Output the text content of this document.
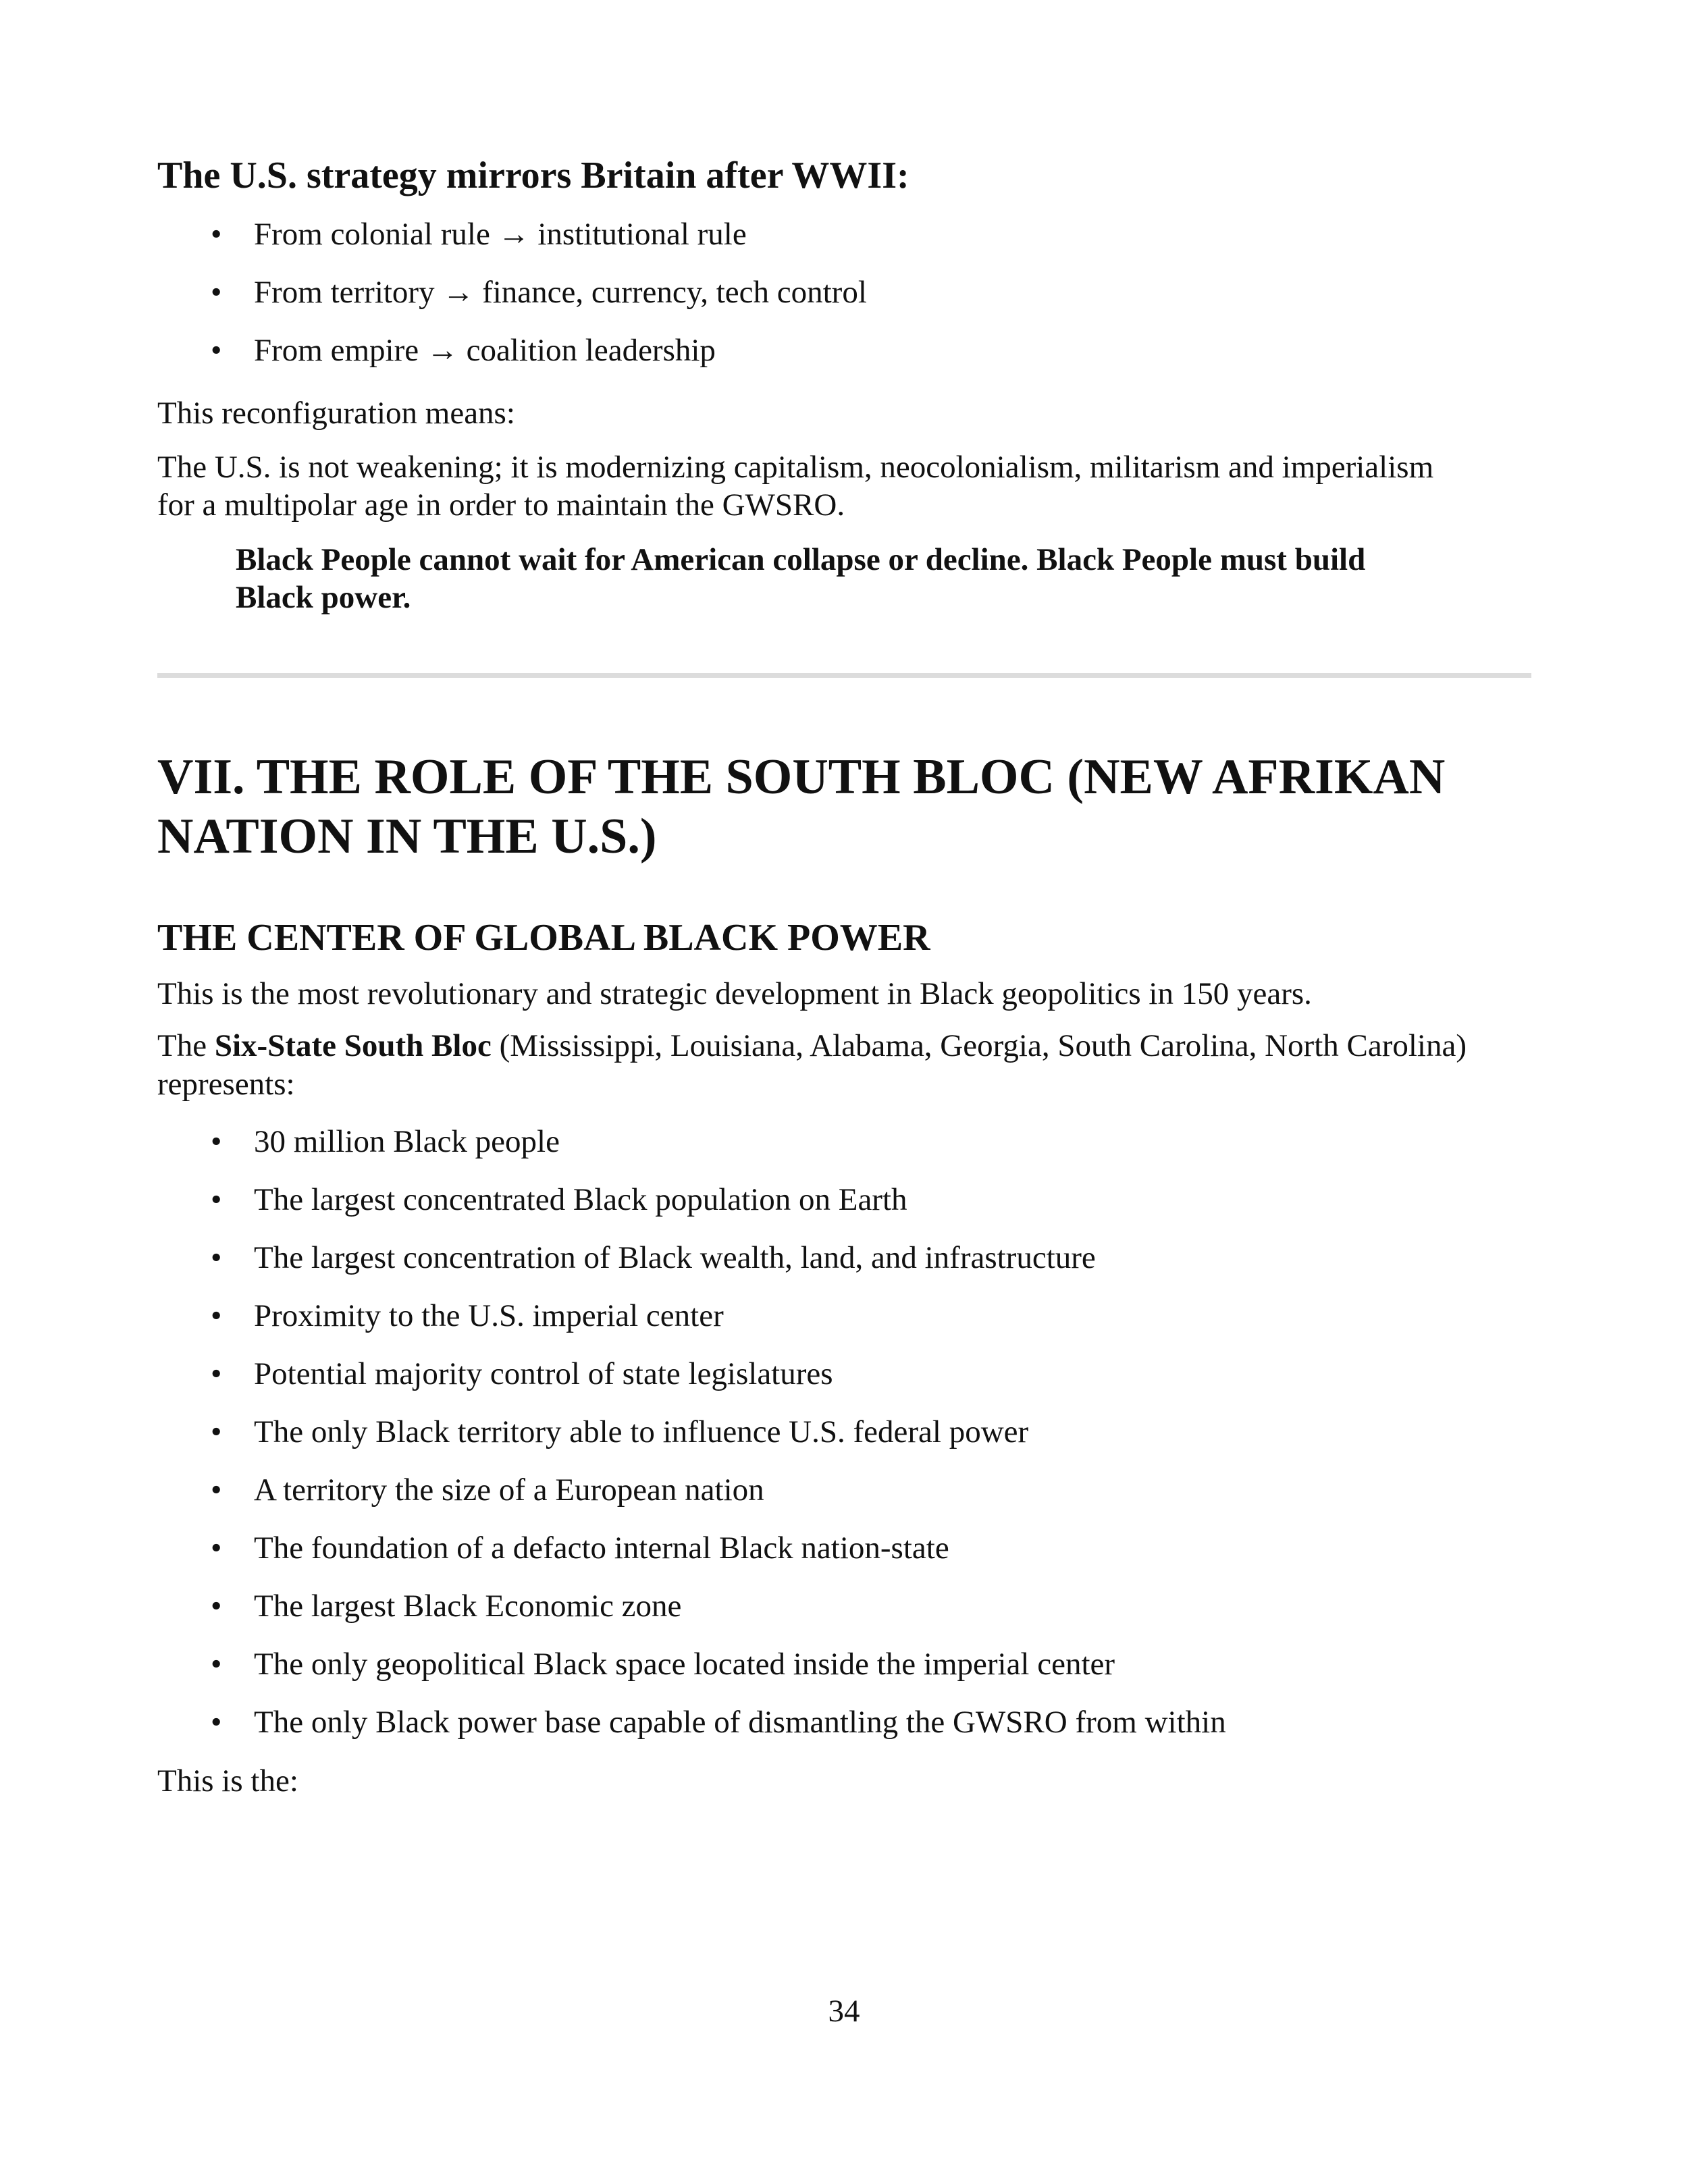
The U.S. strategy mirrors Britain after WWII:
•	From colonial rule → institutional rule
•	From territory → finance, currency, tech control
•	From empire → coalition leadership
This reconfiguration means:
The U.S. is not weakening; it is modernizing capitalism, neocolonialism, militarism and imperialism
for a multipolar age in order to maintain the GWSRO.
Black People cannot wait for American collapse or decline. Black People must build
Black power.
VII. THE ROLE OF THE SOUTH BLOC (NEW AFRIKAN
NATION IN THE U.S.)
THE CENTER OF GLOBAL BLACK POWER
This is the most revolutionary and strategic development in Black geopolitics in 150 years.
The Six-State South Bloc (Mississippi, Louisiana, Alabama, Georgia, South Carolina, North Carolina)
represents:
•	30 million Black people
•	The largest concentrated Black population on Earth
•	The largest concentration of Black wealth, land, and infrastructure
•	Proximity to the U.S. imperial center
•	Potential majority control of state legislatures
•	The only Black territory able to influence U.S. federal power
•	A territory the size of a European nation
•	The foundation of a defacto internal Black nation-state
•	The largest Black Economic zone
•	The only geopolitical Black space located inside the imperial center
•	The only Black power base capable of dismantling the GWSRO from within
This is the:
34
